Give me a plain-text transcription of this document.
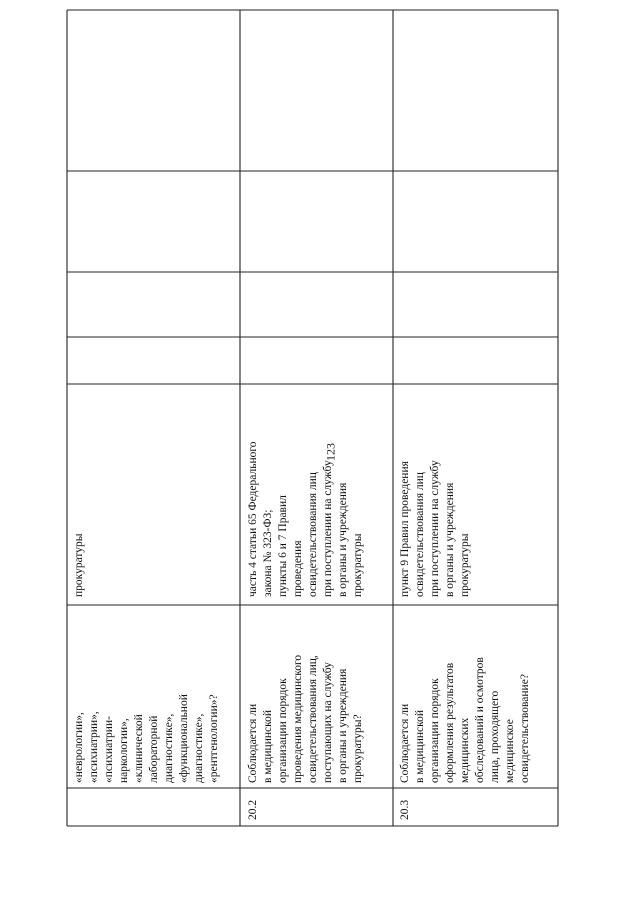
123
«неврологии»,
«психиатрии»,
«психиатрии-
наркологии»,
«клинической
лабораторной
диагностике»,
«функциональной
диагностике»,
«рентгенологии»?
прокуратуры
20.2
Соблюдается ли
в медицинской
организации порядок
проведения медицинского
освидетельствования лиц,
поступающих на службу
в органы и учреждения
прокуратуры?
часть 4 статьи 65 Федерального
закона № 323-ФЗ;
пункты 6 и 7 Правил
проведения
освидетельствования лиц
при поступлении на службу
в органы и учреждения
прокуратуры
20.3
Соблюдается ли
в медицинской
организации порядок
оформления результатов
медицинских
обследований и осмотров
лица, проходящего
медицинское
освидетельствование?
пункт 9 Правил проведения
освидетельствования лиц
при поступлении на службу
в органы и учреждения
прокуратуры
